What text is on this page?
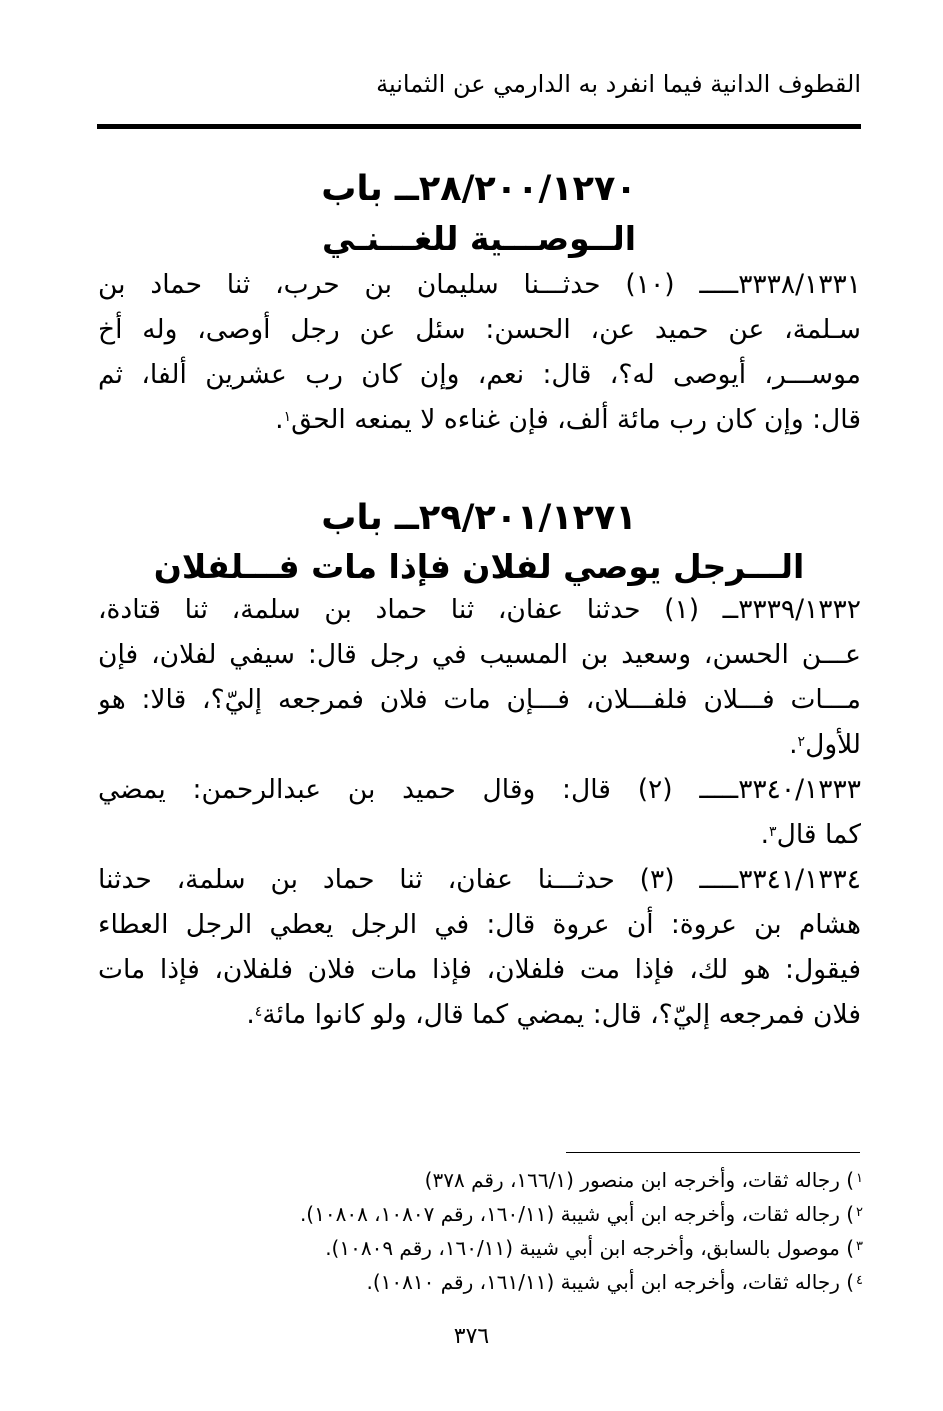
القطوف الدانية فيما انفرد به الدارمي عن الثمانية
٢٨/٢٠٠/١٢٧٠ــ باب
الــوصـــية للغـــنـي
٣٣٣٨/١٣٣١ـــــ (١٠) حدثـــنا سليمان بن حرب، ثنا حماد بن
سـلمة، عن حميد عن، الحسن: سئل عن رجل أوصى، وله أخ
موســـر، أيوصى له؟، قال: نعم، وإن كان رب عشرين ألفا، ثم
قال: وإن كان رب مائة ألف، فإن غناءه لا يمنعه الحق$^١$.
٢٩/٢٠١/١٢٧١ــ باب
الـــرجل يوصي لفلان فإذا مات فـــلفلان
٣٣٣٩/١٣٣٢ــ (١) حدثنا عفان، ثنا حماد بن سلمة، ثنا قتادة،
عـــن الحسن، وسعيد بن المسيب في رجل قال: سيفي لفلان، فإن
مـــات فـــلان فلفـــلان، فـــإن مات فلان فمرجعه إليّ؟، قالا: هو
للأول$^٢$.
٣٣٤٠/١٣٣٣ـــــ (٢) قال: وقال حميد بن عبدالرحمن: يمضي
كما قال$^٣$.
٣٣٤١/١٣٣٤ـــــ (٣) حدثـــنا عفان، ثنا حماد بن سلمة، حدثنا
هشام بن عروة: أن عروة قال: في الرجل يعطي الرجل العطاء
فيقول: هو لك، فإذا مت فلفلان، فإذا مات فلان فلفلان، فإذا مات
فلان فمرجعه إليّ؟، قال: يمضي كما قال، ولو كانوا مائة$^٤$.
$^١$) رجاله ثقات، وأخرجه ابن منصور (١٦٦/١، رقم ٣٧٨)
$^٢$) رجاله ثقات، وأخرجه ابن أبي شيبة (١٦٠/١١، رقم ١٠٨٠٧، ١٠٨٠٨).
$^٣$) موصول بالسابق، وأخرجه ابن أبي شيبة (١٦٠/١١، رقم ١٠٨٠٩).
$^٤$) رجاله ثقات، وأخرجه ابن أبي شيبة (١٦١/١١، رقم ١٠٨١٠).
٣٧٦
